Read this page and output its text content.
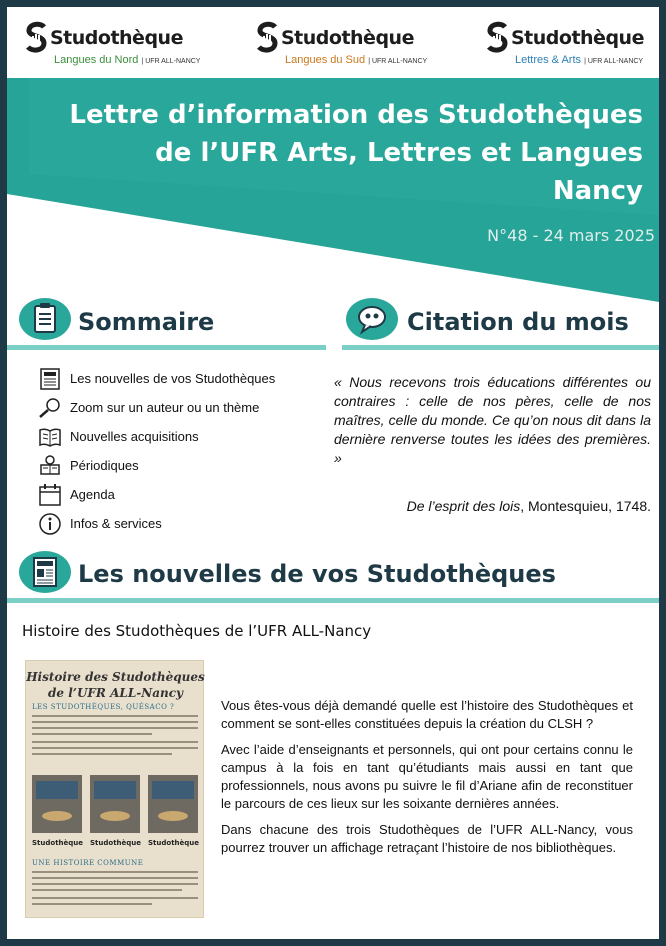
Studothèque
Langues du Nord | UFR ALL-NANCY
Studothèque
Langues du Sud | UFR ALL-NANCY
Studothèque
Lettres & Arts | UFR ALL-NANCY
Lettre d’information des Studothèques
de l’UFR Arts, Lettres et Langues
Nancy
N°48 - 24 mars 2025
Sommaire	Citation du mois
Les nouvelles de vos Studothèques
Zoom sur un auteur ou un thème
Nouvelles acquisitions
Périodiques
Agenda
Infos & services
« Nous recevons trois éducations différentes ou contraires : celle de nos pères, celle de nos maîtres, celle du monde. Ce qu’on nous dit dans la dernière renverse toutes les idées des premières. »
De l’esprit des lois, Montesquieu, 1748.
Les nouvelles de vos Studothèques
Histoire des Studothèques de l’UFR ALL-Nancy
Histoire des Studothèques
de l’UFR ALL-Nancy
LES STUDOTHÈQUES, QUÉSACO ?
Studothèque Studothèque Studothèque
UNE HISTOIRE COMMUNE

Vous êtes-vous déjà demandé quelle est l’histoire des Studothèques et comment se sont-elles constituées depuis la création du CLSH ?

Avec l’aide d’enseignants et personnels, qui ont pour certains connu le campus à la fois en tant qu’étudiants mais aussi en tant que professionnels, nous avons pu suivre le fil d’Ariane afin de reconstituer le parcours de ces lieux sur les soixante dernières années.

Dans chacune des trois Studothèques de l’UFR ALL-Nancy, vous pourrez trouver un affichage retraçant l’histoire de nos bibliothèques.
